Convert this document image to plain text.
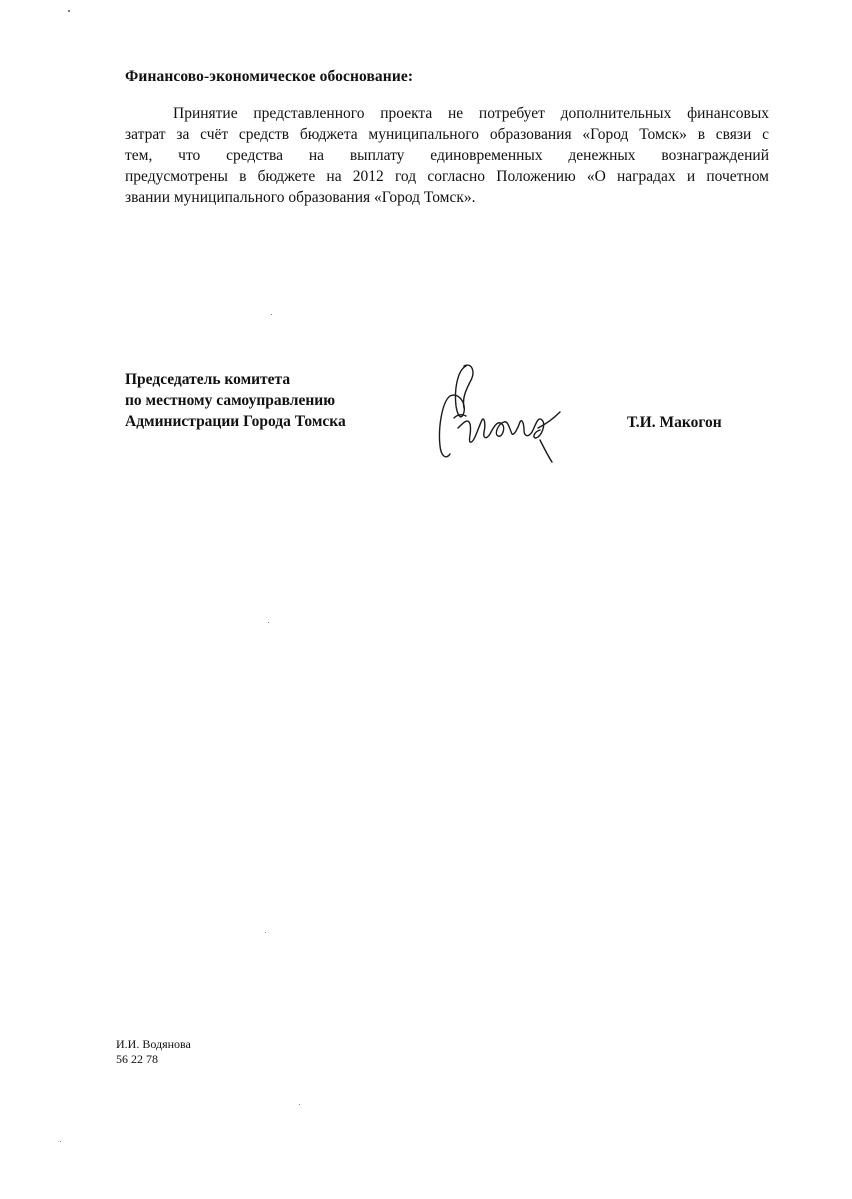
Финансово-экономическое обоснование:
Принятие представленного проекта не потребует дополнительных финансовых
затрат за счёт средств бюджета муниципального образования «Город Томск» в связи с
тем, что средства на выплату единовременных денежных вознаграждений
предусмотрены в бюджете на 2012 год согласно Положению «О наградах и почетном
звании муниципального образования «Город Томск».
Председатель комитета
по местному самоуправлению
Администрации Города Томска	Т.И. Макогон
И.И. Водянова
56 22 78
